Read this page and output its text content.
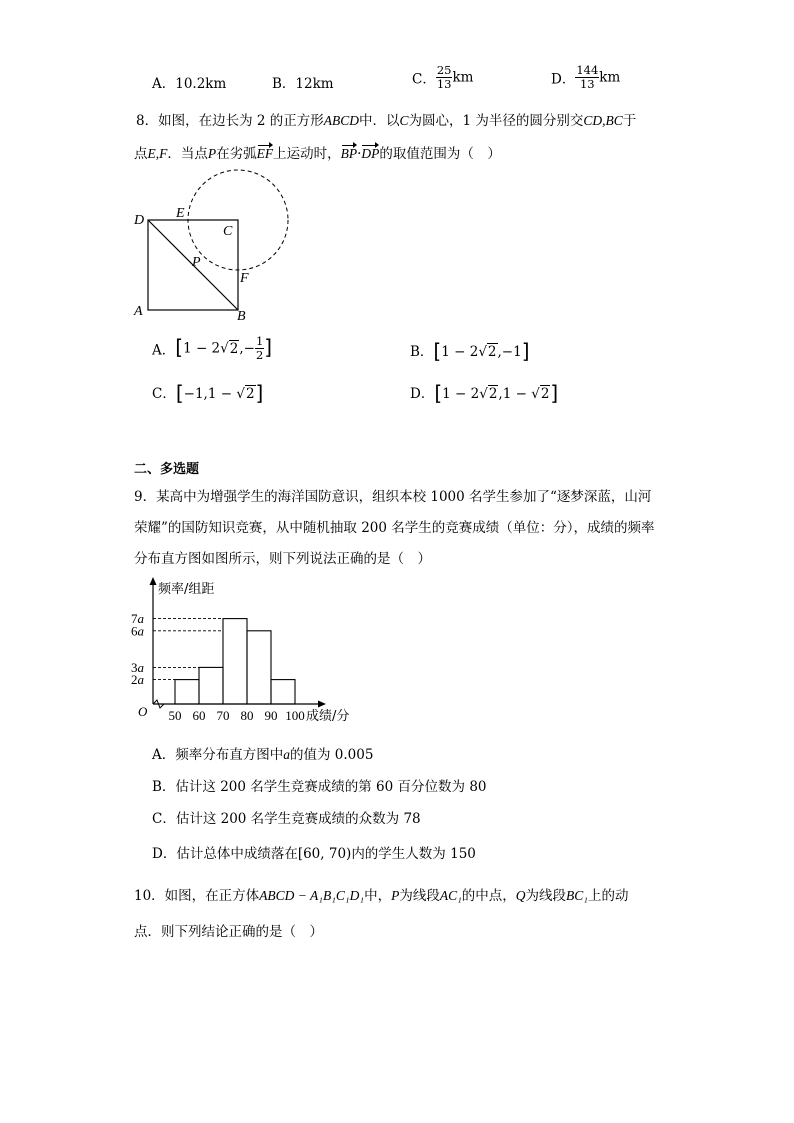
A．10.2km	B．12km	C． $\frac{25}{13}$ km	D． $\frac{144}{13}$ km
8．如图，在边长为 2 的正方形ABCD中．以C为圆心，1 为半径的圆分别交CD,BC于
点E,F．当点P在劣弧EF上运动时，BP·DP的取值范围为（　）
D E
C
P
F
A	B
A．[$1 - 2√2,- \frac{1}{2}$ ]	B．[1 − 2√2,−1]
C．[−1,1 − √2]	D．[1 − 2√2,1 − √2]
二、多选题
9．某高中为增强学生的海洋国防意识，组织本校 1000 名学生参加了“逐梦深蓝，山河
荣耀”的国防知识竞赛，从中随机抽取 200 名学生的竞赛成绩（单位：分），成绩的频率
分布直方图如图所示，则下列说法正确的是（　）
2a
3a
6a
7a
50 60 70 80 90 100
频率/组距
成绩/分
O
A．频率分布直方图中a的值为 0.005
B．估计这 200 名学生竞赛成绩的第 60 百分位数为 80
C．估计这 200 名学生竞赛成绩的众数为 78
D．估计总体中成绩落在[60, 70)内的学生人数为 150
10．如图，在正方体ABCD − A₁B₁C₁D₁中，P为线段AC₁的中点，Q为线段BC₁上的动
点．则下列结论正确的是（　）
